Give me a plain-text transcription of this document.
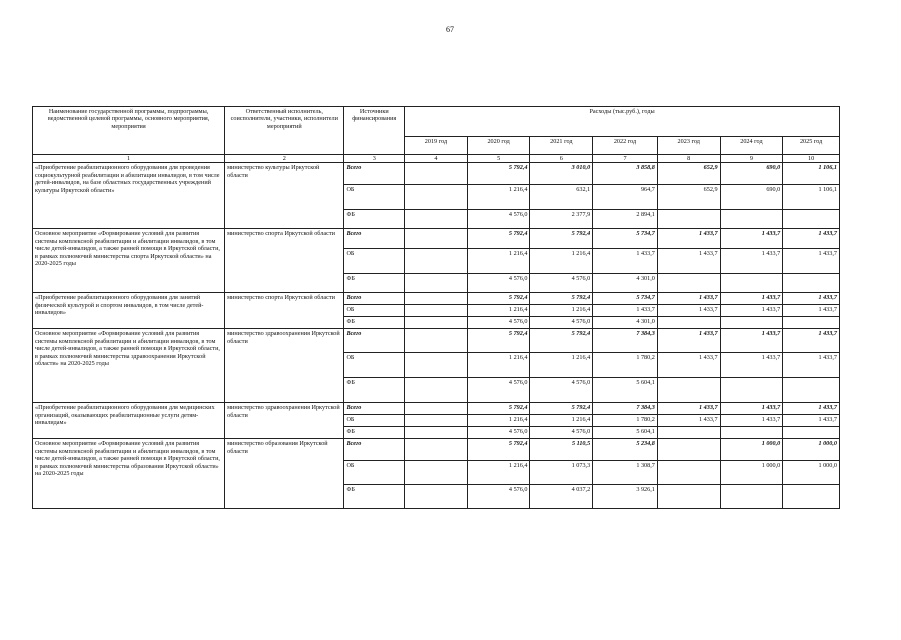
67
Наименование государственной программы, подпрограммы, ведомственной целевой программы, основного мероприятия, мероприятия	Ответственный исполнитель, соисполнители, участники, исполнители мероприятий	Источники финансирования	Расходы (тыс.руб.), годы						
			2019 год	2020 год	2021 год	2022 год	2023 год	2024 год	2025 год
1	2	3	4	5	6	7	8	9	10
«Приобретение реабилитационного оборудования для проведения социокультурной реабилитации и абилитации инвалидов, в том числе детей-инвалидов, на базе областных государственных учреждений культуры Иркутской области»	министерство культуры Иркутской области	Всего		5 792,4	3 010,0	3 858,8	652,9	690,0	1 106,1
		ОБ		1 216,4	632,1	964,7	652,9	690,0	1 106,1
		ФБ		4 576,0	2 377,9	2 894,1			
Основное мероприятие «Формирование условий для развития системы комплексной реабилитации и абилитации инвалидов, в том числе детей-инвалидов, а также ранней помощи в Иркутской области, в рамках полномочий министерства спорта Иркутской области» на 2020-2025 годы	министерство спорта Иркутской области	Всего		5 792,4	5 792,4	5 734,7	1 433,7	1 433,7	1 433,7
		ОБ		1 216,4	1 216,4	1 433,7	1 433,7	1 433,7	1 433,7
		ФБ		4 576,0	4 576,0	4 301,0			
«Приобретение реабилитационного оборудования для занятий физической культурой и спортом инвалидов, в том числе детей-инвалидов»	министерство спорта Иркутской области	Всего		5 792,4	5 792,4	5 734,7	1 433,7	1 433,7	1 433,7
		ОБ		1 216,4	1 216,4	1 433,7	1 433,7	1 433,7	1 433,7
		ФБ		4 576,0	4 576,0	4 301,0			
Основное мероприятие «Формирование условий для развития системы комплексной реабилитации и абилитации инвалидов, в том числе детей-инвалидов, а также ранней помощи в Иркутской области, в рамках полномочий министерства здравоохранения Иркутской области» на 2020-2025 годы	министерство здравоохранения Иркутской области	Всего		5 792,4	5 792,4	7 384,3	1 433,7	1 433,7	1 433,7
		ОБ		1 216,4	1 216,4	1 780,2	1 433,7	1 433,7	1 433,7
		ФБ		4 576,0	4 576,0	5 604,1			
«Приобретение реабилитационного оборудования для медицинских организаций, оказывающих реабилитационные услуги детям-инвалидам»	министерство здравоохранения Иркутской области	Всего		5 792,4	5 792,4	7 384,3	1 433,7	1 433,7	1 433,7
		ОБ		1 216,4	1 216,4	1 780,2	1 433,7	1 433,7	1 433,7
		ФБ		4 576,0	4 576,0	5 604,1			
Основное мероприятие «Формирование условий для развития системы комплексной реабилитации и абилитации инвалидов, в том числе детей-инвалидов, а также ранней помощи в Иркутской области, в рамках полномочий министерства образования Иркутской области» на 2020-2025 годы	министерство образования Иркутской области	Всего		5 792,4	5 110,5	5 234,8		1 000,0	1 000,0
		ОБ		1 216,4	1 073,3	1 308,7		1 000,0	1 000,0
		ФБ		4 576,0	4 037,2	3 926,1			
